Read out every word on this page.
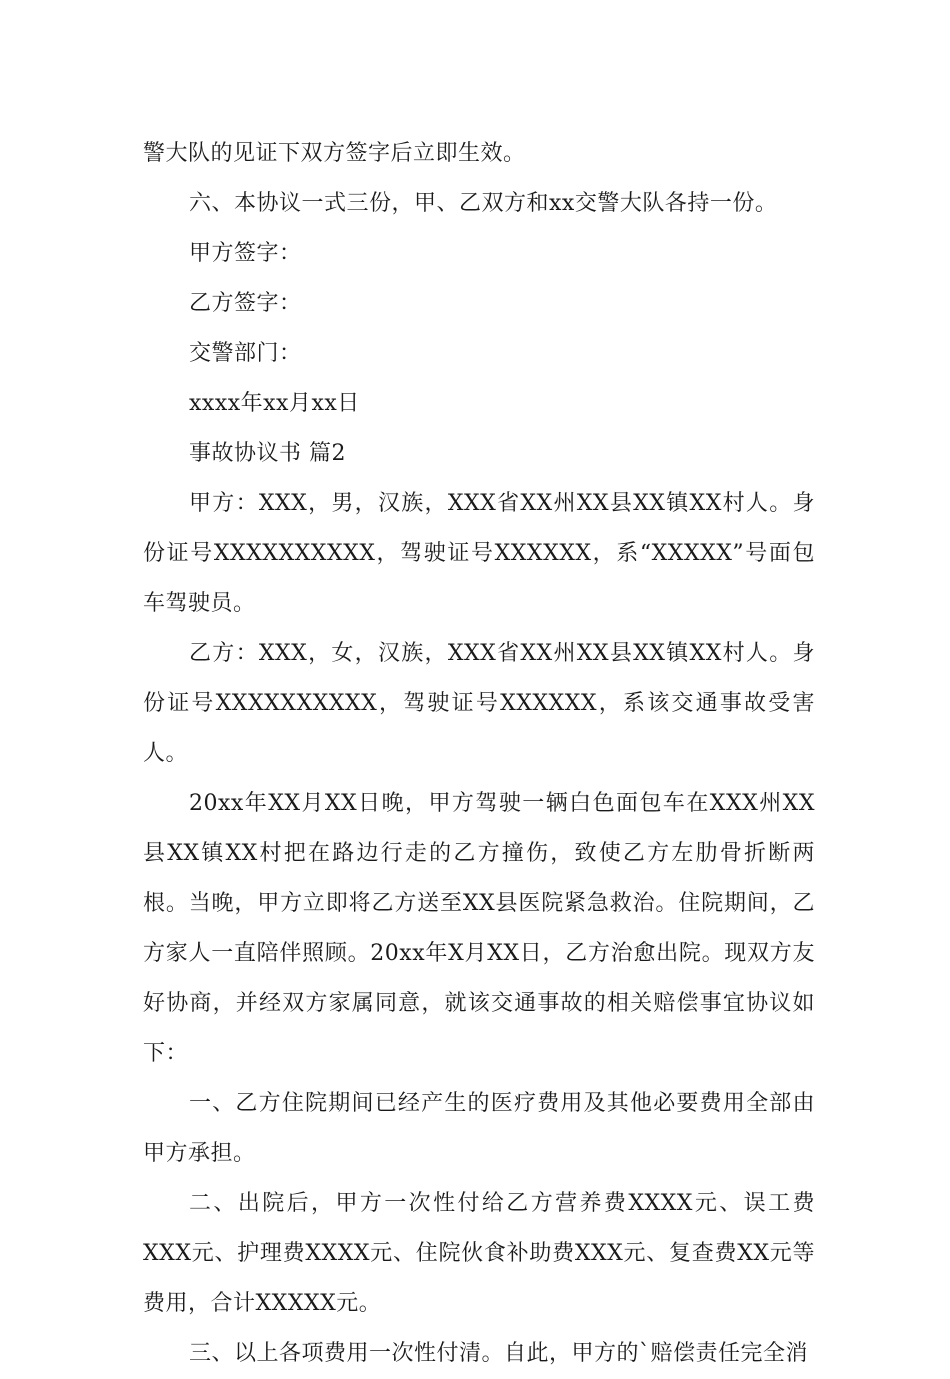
警大队的见证下双方签字后立即生效。

六、本协议一式三份，甲、乙双方和xx交警大队各持一份。

甲方签字：

乙方签字：

交警部门：

xxxx年xx月xx日

事故协议书 篇2

甲方：XXX，男，汉族，XXX省XX州XX县XX镇XX村人。身份证号XXXXXXXXXX，驾驶证号XXXXXX，系“XXXXX”号面包车驾驶员。

乙方：XXX，女，汉族，XXX省XX州XX县XX镇XX村人。身份证号XXXXXXXXXX，驾驶证号XXXXXX，系该交通事故受害人。

20xx年XX月XX日晚，甲方驾驶一辆白色面包车在XXX州XX县XX镇XX村把在路边行走的乙方撞伤，致使乙方左肋骨折断两根。当晚，甲方立即将乙方送至XX县医院紧急救治。住院期间，乙方家人一直陪伴照顾。20xx年X月XX日，乙方治愈出院。现双方友好协商，并经双方家属同意，就该交通事故的相关赔偿事宜协议如下：

一、乙方住院期间已经产生的医疗费用及其他必要费用全部由甲方承担。

二、出院后，甲方一次性付给乙方营养费XXXX元、误工费XXX元、护理费XXXX元、住院伙食补助费XXX元、复查费XX元等费用，合计XXXXX元。

三、以上各项费用一次性付清。自此，甲方的`赔偿责任完全消
